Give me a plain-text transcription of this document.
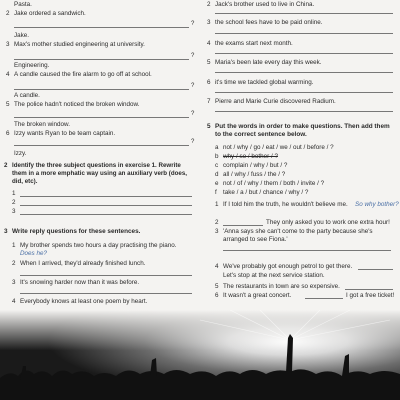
Pasta.
2 Jake ordered a sandwich.
?
Jake.
3 Max's mother studied engineering at university.
?
Engineering.
4 A candle caused the fire alarm to go off at school.
?
A candle.
5 The police hadn't noticed the broken window.
?
The broken window.
6 Izzy wants Ryan to be team captain.
?
Izzy.
2 Identify the three subject questions in exercise 1. Rewrite them in a more emphatic way using an auxiliary verb (does, did, etc).
1
2
3
3 Write reply questions for these sentences.
1 My brother spends two hours a day practising the piano.
Does he?
2 When I arrived, they'd already finished lunch.
3 It's snowing harder now than it was before.
4 Everybody knows at least one poem by heart.
2 Jack's brother used to live in China.
3 the school fees have to be paid online.
4 the exams start next month.
5 Maria's been late every day this week.
6 it's time we tackled global warming.
7 Pierre and Marie Curie discovered Radium.
5 Put the words in order to make questions. Then add them to the correct sentence below.
a not / why / go / eat / we / out / before / ?
b why / so / bother / ?
c complain / why / but / ?
d all / why / fuss / the / ?
e not / of / why / them / both / invite / ?
f take / a / but / chance / why / ?
1 If I told him the truth, he wouldn't believe me. So why bother?
2	They only asked you to work one extra hour!
3 'Anna says she can't come to the party because she's arranged to see Fiona.'
4 We've probably got enough petrol to get there.
Let's stop at the next service station.
5 The restaurants in town are so expensive.
6 It wasn't a great concert.	I got a free ticket!
